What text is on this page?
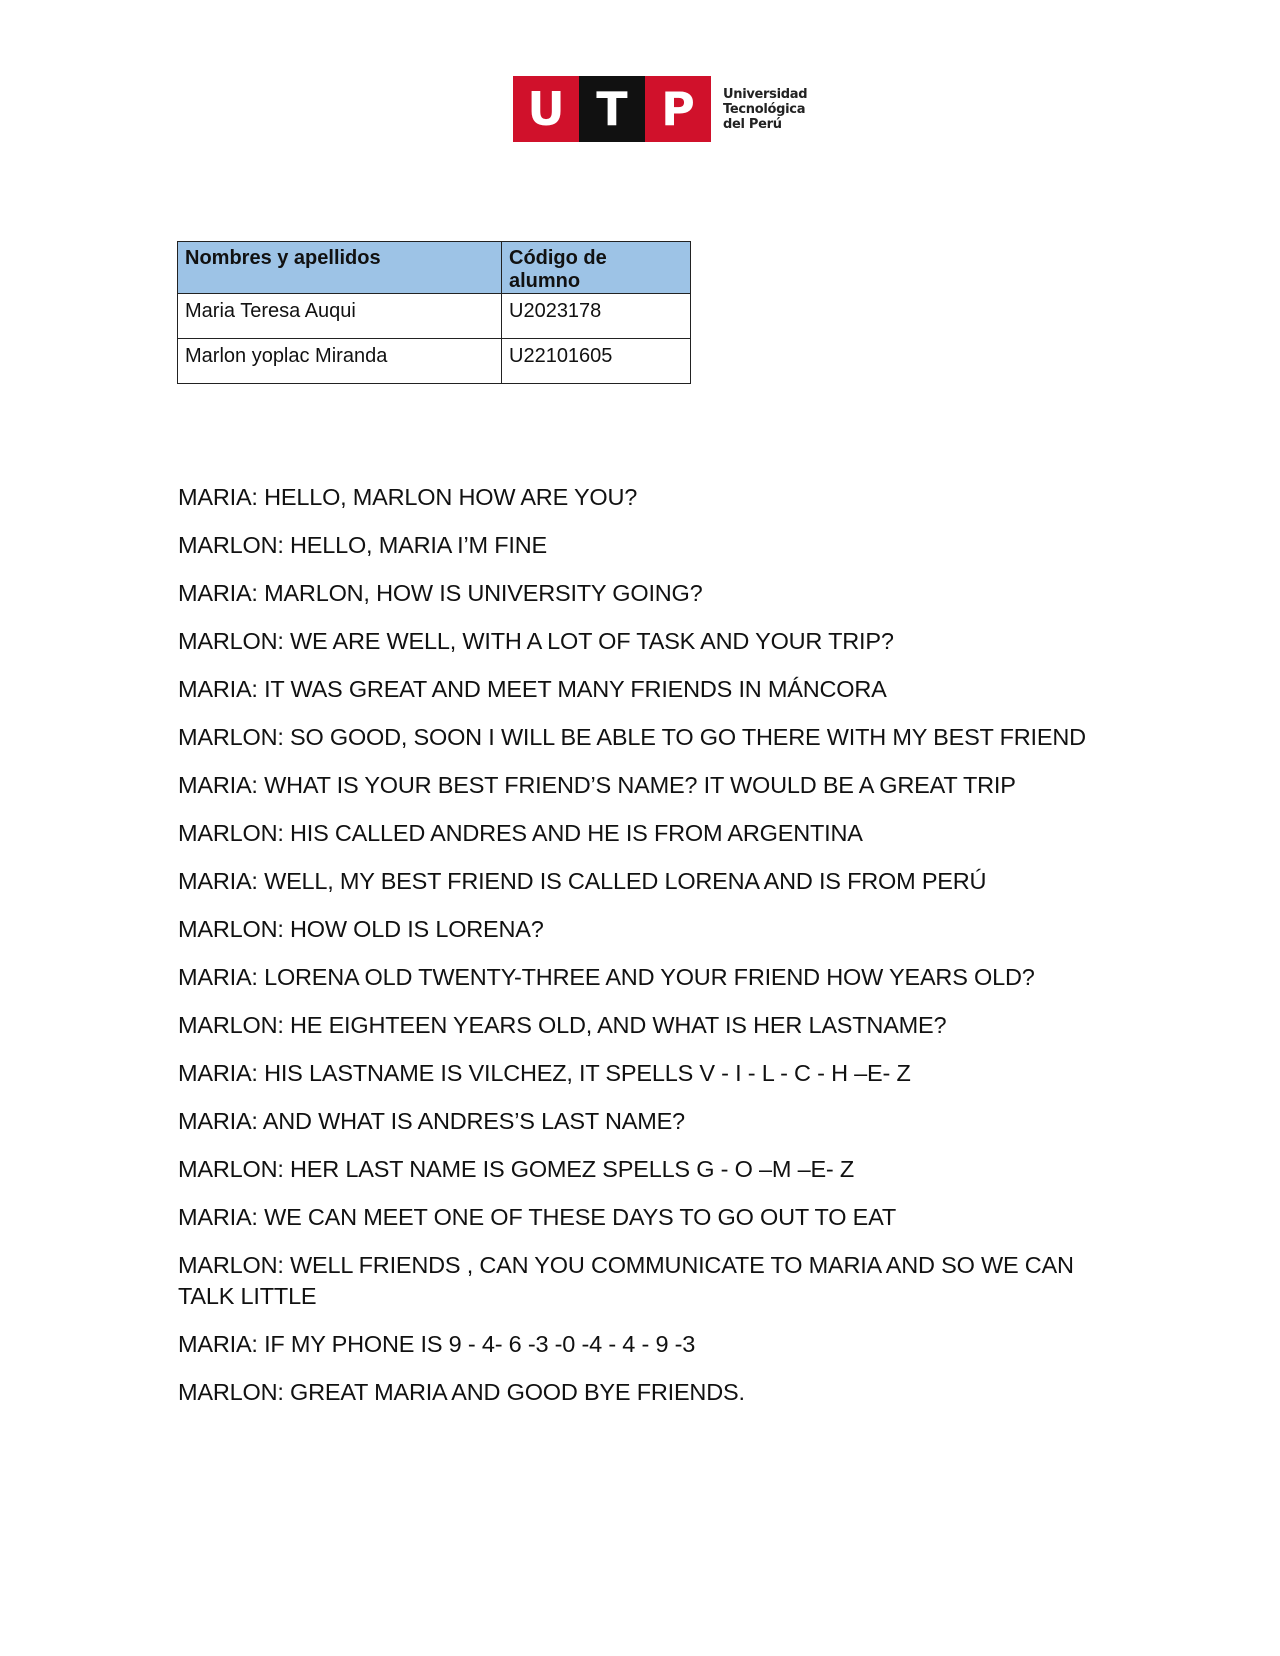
U T P	Universidad
Tecnológica
del Perú
Nombres y apellidos	Código de alumno
Maria Teresa Auqui	U2023178
Marlon yoplac Miranda	U22101605

MARIA: HELLO, MARLON HOW ARE YOU?

MARLON: HELLO, MARIA I’M FINE

MARIA: MARLON, HOW IS UNIVERSITY GOING?

MARLON: WE ARE WELL, WITH A LOT OF TASK AND YOUR TRIP?

MARIA: IT WAS GREAT AND MEET MANY FRIENDS IN MÁNCORA

MARLON: SO GOOD, SOON I WILL BE ABLE TO GO THERE WITH MY BEST FRIEND

MARIA: WHAT IS YOUR BEST FRIEND’S NAME? IT WOULD BE A GREAT TRIP

MARLON: HIS CALLED ANDRES AND HE IS FROM ARGENTINA

MARIA: WELL, MY BEST FRIEND IS CALLED LORENA AND IS FROM PERÚ

MARLON: HOW OLD IS LORENA?

MARIA: LORENA OLD TWENTY-THREE AND YOUR FRIEND HOW YEARS OLD?

MARLON: HE EIGHTEEN YEARS OLD, AND WHAT IS HER LASTNAME?

MARIA: HIS LASTNAME IS VILCHEZ, IT SPELLS V - I - L - C - H –E- Z

MARIA: AND WHAT IS ANDRES’S LAST NAME?

MARLON: HER LAST NAME IS GOMEZ SPELLS G - O –M –E- Z

MARIA: WE CAN MEET ONE OF THESE DAYS TO GO OUT TO EAT

MARLON: WELL FRIENDS , CAN YOU COMMUNICATE TO MARIA AND SO WE CAN TALK LITTLE

MARIA: IF MY PHONE IS 9 - 4- 6 -3 -0 -4 - 4 - 9 -3

MARLON: GREAT MARIA AND GOOD BYE FRIENDS.
